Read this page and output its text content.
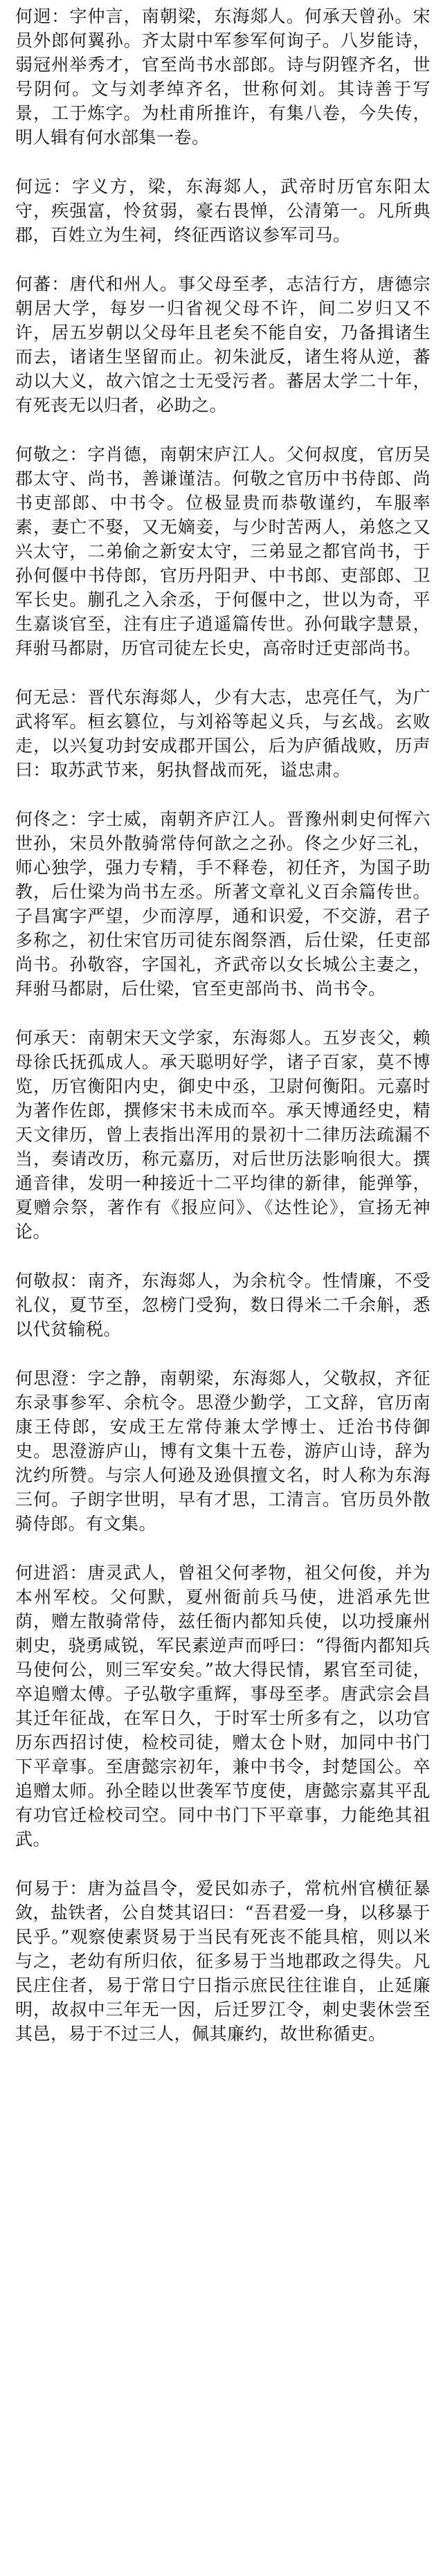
何迥：字仲言，南朝梁，东海郯人。何承天曾孙。宋员外郎何翼孙。齐太尉中军参军何询子。八岁能诗，弱冠州举秀才，官至尚书水部郎。诗与阴铿齐名，世号阴何。文与刘孝绰齐名，世称何刘。其诗善于写景，工于炼字。为杜甫所推许，有集八卷，今失传，明人辑有何水部集一卷。

何远：字义方，梁，东海郯人，武帝时历官东阳太守，疾强富，怜贫弱，豪右畏惮，公清第一。凡所典郡，百姓立为生祠，终征西谘议参军司马。

何蕃：唐代和州人。事父母至孝，志洁行方，唐德宗朝居大学，每岁一归省视父母不许，间二岁归又不许，居五岁朝以父母年且老矣不能自安，乃备揖诸生而去，诸诸生坚留而止。初朱泚反，诸生将从逆，蕃动以大义，故六馆之士无受污者。蕃居太学二十年，有死丧无以归者，必助之。

何敬之：字肖德，南朝宋庐江人。父何叔度，官历吴郡太守、尚书，善谦谨洁。何敬之官历中书侍郎、尚书吏部郎、中书令。位极显贵而恭敬谨约，车服率素，妻亡不娶，又无嫡妾，与少时苦两人，弟悠之又兴太守，二弟偷之新安太守，三弟显之都官尚书，于孙何偃中书侍郎，官历丹阳尹、中书郎、吏部郎、卫军长史。蒯孔之入余丞，于何偃中之，世以为奇，平生嘉谈官至，注有庄子逍遥篇传世。孙何戢字慧景，拜驸马都尉，历官司徒左长史，高帝时迁吏部尚书。

何无忌：晋代东海郯人，少有大志，忠亮任气，为广武将军。桓玄篡位，与刘裕等起义兵，与玄战。玄败走，以兴复功封安成郡开国公，后为庐循战败，历声曰：取苏武节来，躬执督战而死，谥忠肃。

何佟之：字士威，南朝齐庐江人。晋豫州刺史何恽六世孙，宋员外散骑常侍何歆之之孙。佟之少好三礼，师心独学，强力专精，手不释卷，初任齐，为国子助教，后仕梁为尚书左丞。所著文章礼义百余篇传世。子昌寓字严望，少而淳厚，通和识爱，不交游，君子多称之，初仕宋官历司徒东阁祭酒，后仕梁，任吏部尚书。孙敬容，字国礼，齐武帝以女长城公主妻之，拜驸马都尉，后仕梁，官至吏部尚书、尚书令。

何承天：南朝宋天文学家，东海郯人。五岁丧父，赖母徐氏抚孤成人。承天聪明好学，诸子百家，莫不博览，历官衡阳内史，御史中丞，卫尉何衡阳。元嘉时为著作佐郎，撰修宋书未成而卒。承天博通经史，精天文律历，曾上表指出浑用的景初十二律历法疏漏不当，奏请改历，称元嘉历，对后世历法影响很大。撰通音律，发明一种接近十二平均律的新律，能弹筝，夏赠佘祭，著作有《报应问》、《达性论》，宣扬无神论。

何敬叔：南齐，东海郯人，为余杭令。性情廉，不受礼仪，夏节至，忽榜门受狗，数日得米二千余斛，悉以代贫输税。

何思澄：字之静，南朝梁，东海郯人，父敬叔，齐征东录事参军、余杭令。思澄少勤学，工文辞，官历南康王侍郎，安成王左常侍兼太学博士、迁治书侍御史。思澄游庐山，博有文集十五卷，游庐山诗，辞为沈约所赞。与宗人何逊及逊俱擅文名，时人称为东海三何。子朗字世明，早有才思，工清言。官历员外散骑侍郎。有文集。

何进滔：唐灵武人，曾祖父何孝物，祖父何俊，并为本州军校。父何默，夏州衙前兵马使，进滔承先世荫，赠左散骑常侍，兹任衙内都知兵使，以功授廉州刺史，骁勇咸锐，军民素逆声而呼曰：“得衙内都知兵马使何公，则三军安矣。”故大得民情，累官至司徒，卒追赠太傅。子弘敬字重辉，事母至孝。唐武宗会昌其迁年征战，在军日久，于时军士所多有之，以功官历东西招讨使，检校司徒，赠太仓卜财，加同中书门下平章事。至唐懿宗初年，兼中书令，封楚国公。卒追赠太师。孙全睦以世袭军节度使，唐懿宗嘉其平乱有功官迁检校司空。同中书门下平章事，力能绝其祖武。

何易于：唐为益昌令，爱民如赤子，常杭州官横征暴敛，盐铁者，公自焚其诏曰：“吾君爱一身，以移暴于民乎。”观察使素贤易于当民有死丧不能具棺，则以米与之，老幼有所归依，征多易于当地郡政之得失。凡民庄住者，易于常日宁日指示庶民往往谁自，止延廉明，故叔中三年无一因，后迁罗江令，刺史裴休尝至其邑，易于不过三人，佩其廉约，故世称循吏。
